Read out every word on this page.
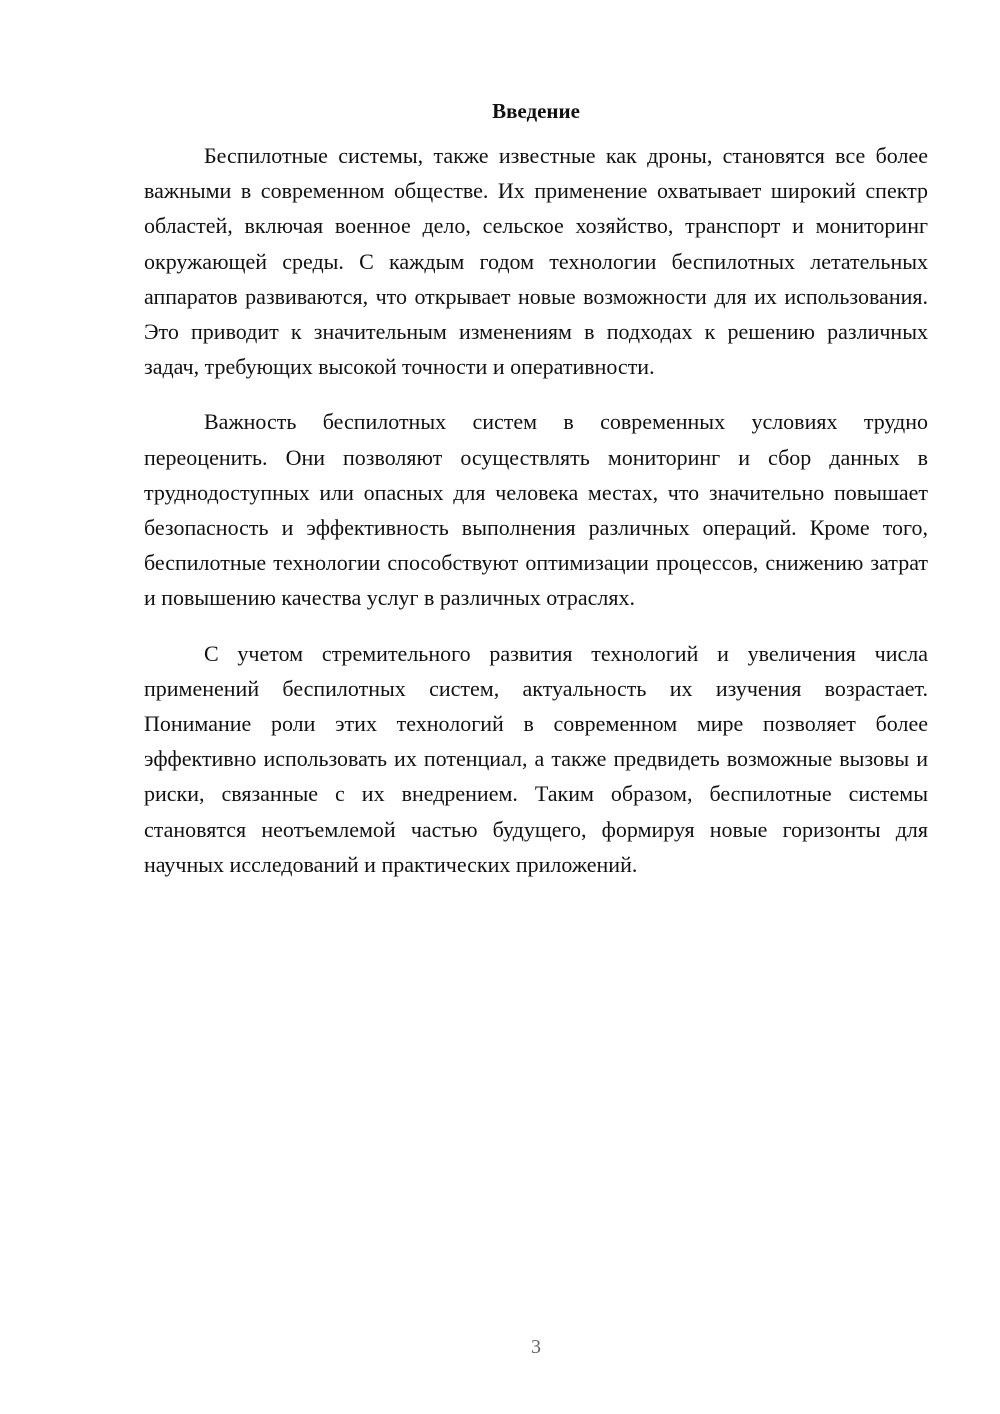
Введение

Беспилотные системы, также известные как дроны, становятся все более важными в современном обществе. Их применение охватывает широкий спектр областей, включая военное дело, сельское хозяйство, транспорт и мониторинг окружающей среды. С каждым годом технологии беспилотных летательных аппаратов развиваются, что открывает новые возможности для их использования. Это приводит к значительным изменениям в подходах к решению различных задач, требующих высокой точности и оперативности.

Важность беспилотных систем в современных условиях трудно переоценить. Они позволяют осуществлять мониторинг и сбор данных в труднодоступных или опасных для человека местах, что значительно повышает безопасность и эффективность выполнения различных операций. Кроме того, беспилотные технологии способствуют оптимизации процессов, снижению затрат и повышению качества услуг в различных отраслях.

С учетом стремительного развития технологий и увеличения числа применений беспилотных систем, актуальность их изучения возрастает. Понимание роли этих технологий в современном мире позволяет более эффективно использовать их потенциал, а также предвидеть возможные вызовы и риски, связанные с их внедрением. Таким образом, беспилотные системы становятся неотъемлемой частью будущего, формируя новые горизонты для научных исследований и практических приложений.

3
